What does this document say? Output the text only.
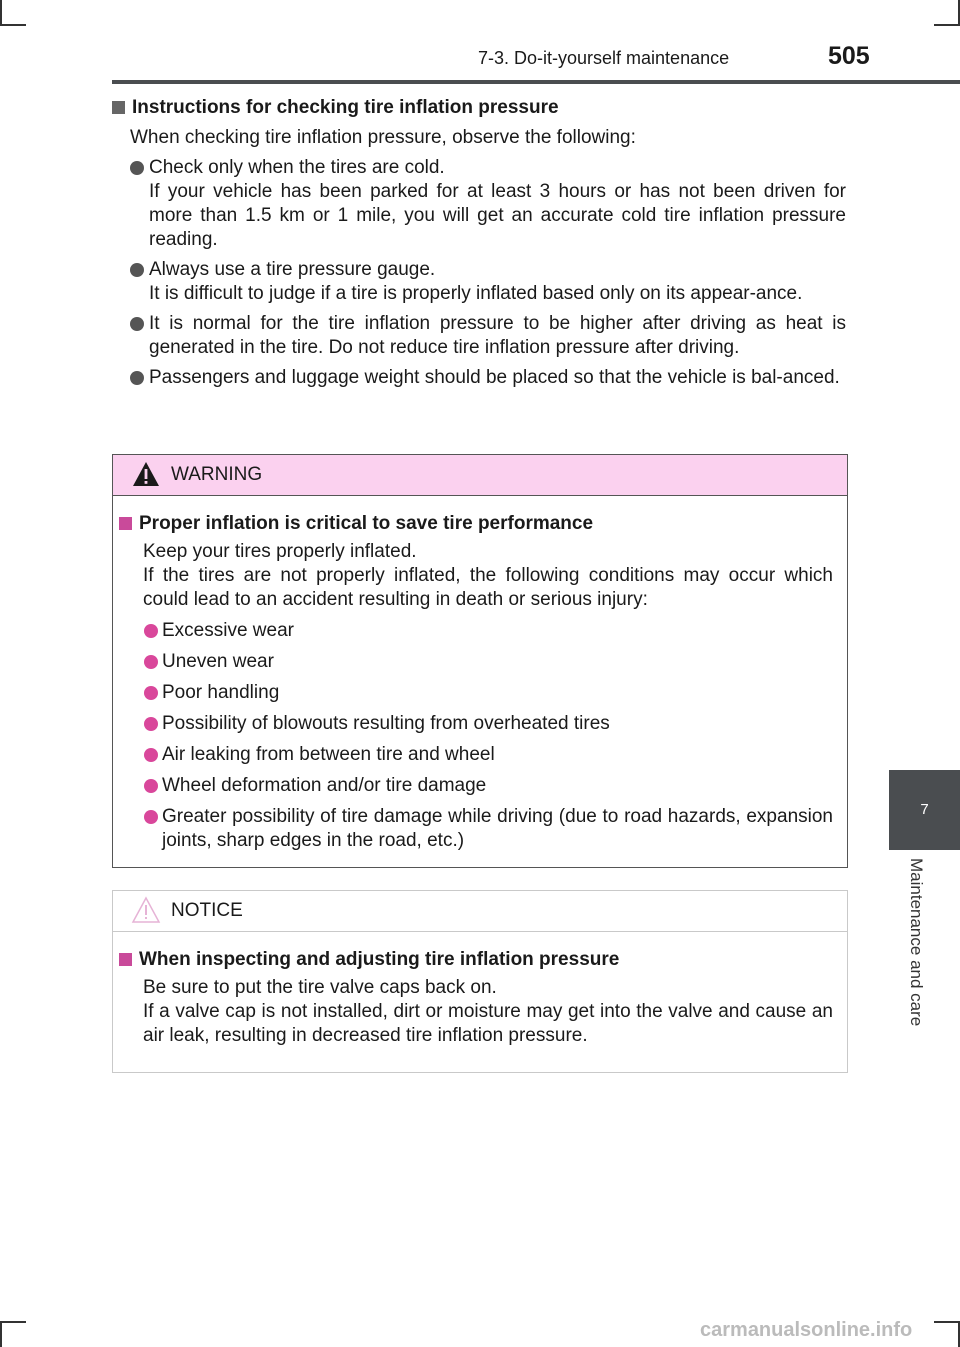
7-3. Do-it-yourself maintenance	505
7
Maintenance and care
Instructions for checking tire inflation pressure
When checking tire inflation pressure, observe the following:

Check only when the tires are cold.

If your vehicle has been parked for at least 3 hours or has not been driven for more than 1.5 km or 1 mile, you will get an accurate cold tire inflation pressure reading.

Always use a tire pressure gauge.

It is difficult to judge if a tire is properly inflated based only on its appear-ance.

It is normal for the tire inflation pressure to be higher after driving as heat is generated in the tire. Do not reduce tire inflation pressure after driving.

Passengers and luggage weight should be placed so that the vehicle is bal-anced.

WARNING
Proper inflation is critical to save tire performance
Keep your tires properly inflated.
If the tires are not properly inflated, the following conditions may occur which could lead to an accident resulting in death or serious injury:

Excessive wear

Uneven wear

Poor handling

Possibility of blowouts resulting from overheated tires

Air leaking from between tire and wheel

Wheel deformation and/or tire damage

Greater possibility of tire damage while driving (due to road hazards, expansion joints, sharp edges in the road, etc.)

NOTICE
When inspecting and adjusting tire inflation pressure
Be sure to put the tire valve caps back on.
If a valve cap is not installed, dirt or moisture may get into the valve and cause an air leak, resulting in decreased tire inflation pressure.
carmanualsonline.info
